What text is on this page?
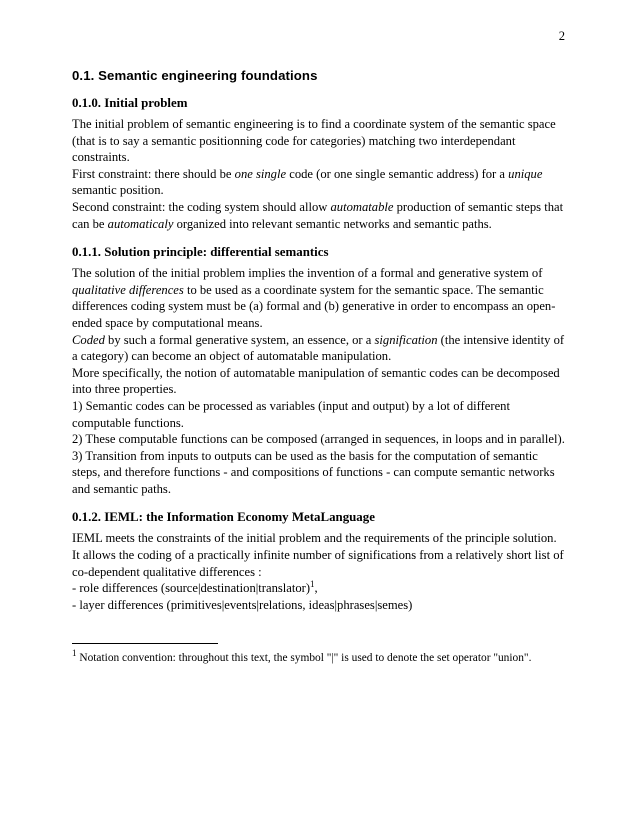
2
0.1. Semantic engineering foundations
0.1.0. Initial problem

The initial problem of semantic engineering is to find a coordinate system of the semantic space (that is to say a semantic positionning code for categories) matching two interdependant constraints.

First constraint: there should be one single code (or one single semantic address) for a unique semantic position.

Second constraint: the coding system should allow automatable production of semantic steps that can be automaticaly organized into relevant semantic networks and semantic paths.

0.1.1. Solution principle: differential semantics

The solution of the initial problem implies the invention of a formal and generative system of qualitative differences to be used as a coordinate system for the semantic space. The semantic differences coding system must be (a) formal and (b) generative in order to encompass an open-ended space by computational means.

Coded by such a formal generative system, an essence, or a signification (the intensive identity of a category) can become an object of automatable manipulation.

More specifically, the notion of automatable manipulation of semantic codes can be decomposed into three properties.

1) Semantic codes can be processed as variables (input and output) by a lot of different computable functions.

2) These computable functions can be composed (arranged in sequences, in loops and in parallel).

3) Transition from inputs to outputs can be used as the basis for the computation of semantic steps, and therefore functions - and compositions of functions - can compute semantic networks and semantic paths.

0.1.2. IEML: the Information Economy MetaLanguage

IEML meets the constraints of the initial problem and the requirements of the principle solution.

It allows the coding of a practically infinite number of significations from a relatively short list of co-dependent qualitative differences :

- role differences (source|destination|translator)$^1$,

- layer differences (primitives|events|relations, ideas|phrases|semes)

$^1$ Notation convention: throughout this text, the symbol "|" is used to denote the set operator "union".
